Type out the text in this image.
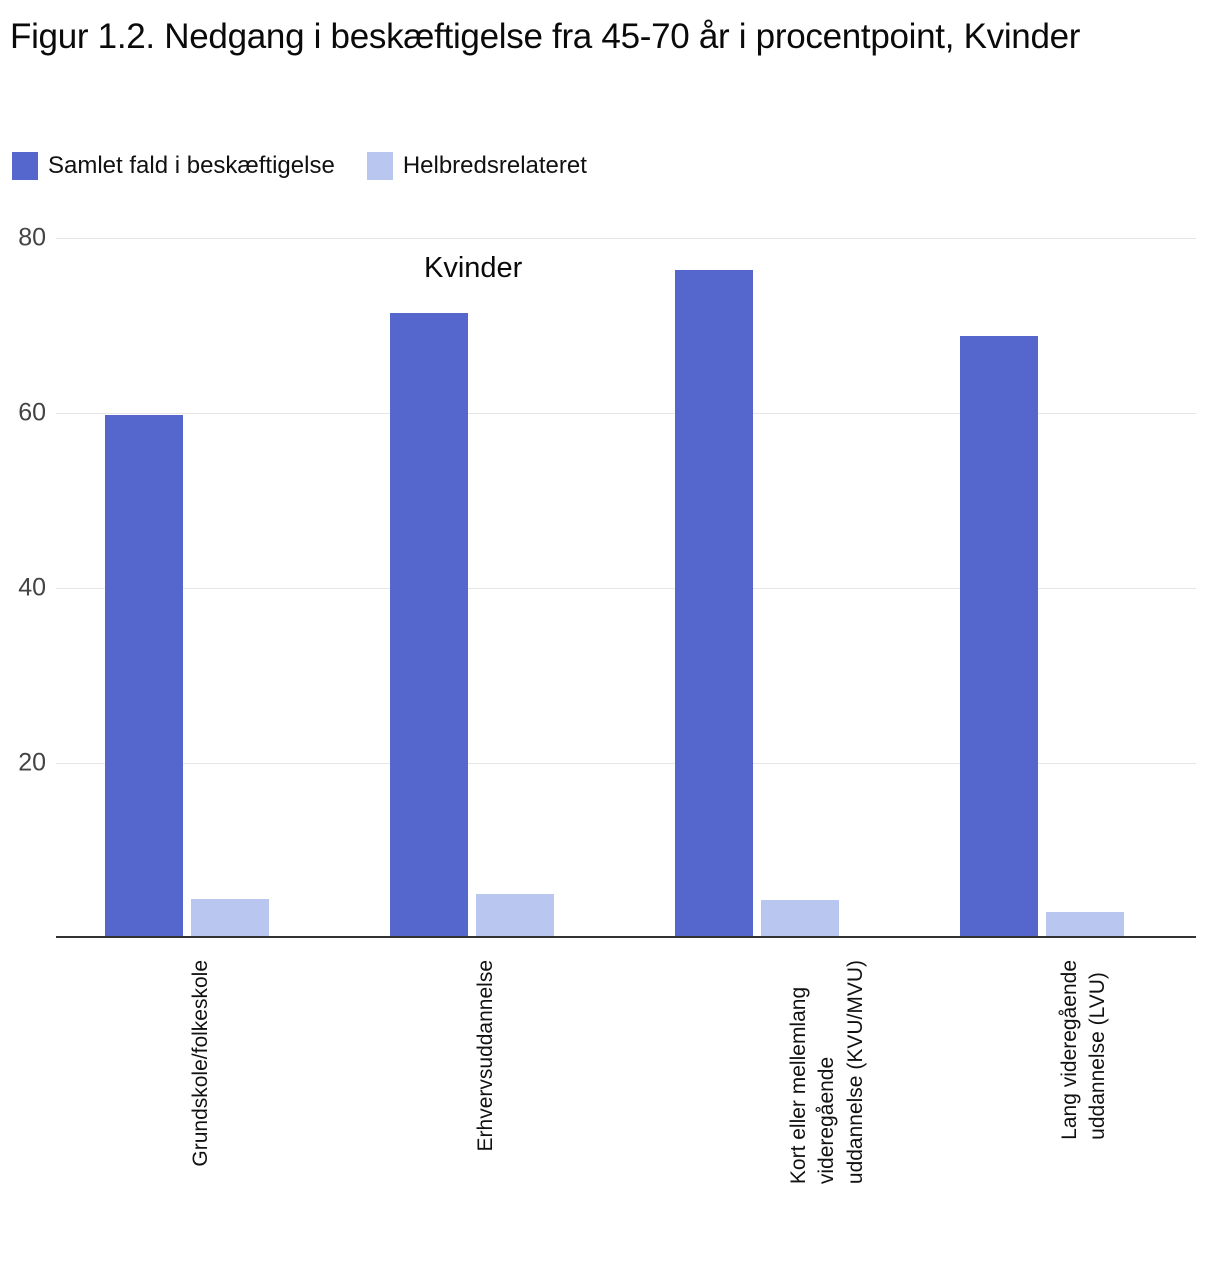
Figur 1.2. Nedgang i beskæftigelse fra 45-70 år i procentpoint, Kvinder
Samlet fald i beskæftigelse	Helbredsrelateret
20
40
60
80
Kvinder
Grundskole/folkeskole	Erhvervsuddannelse	Kort eller mellemlang videregående uddannelse (KVU/MVU)	Lang videregående uddannelse (LVU)
